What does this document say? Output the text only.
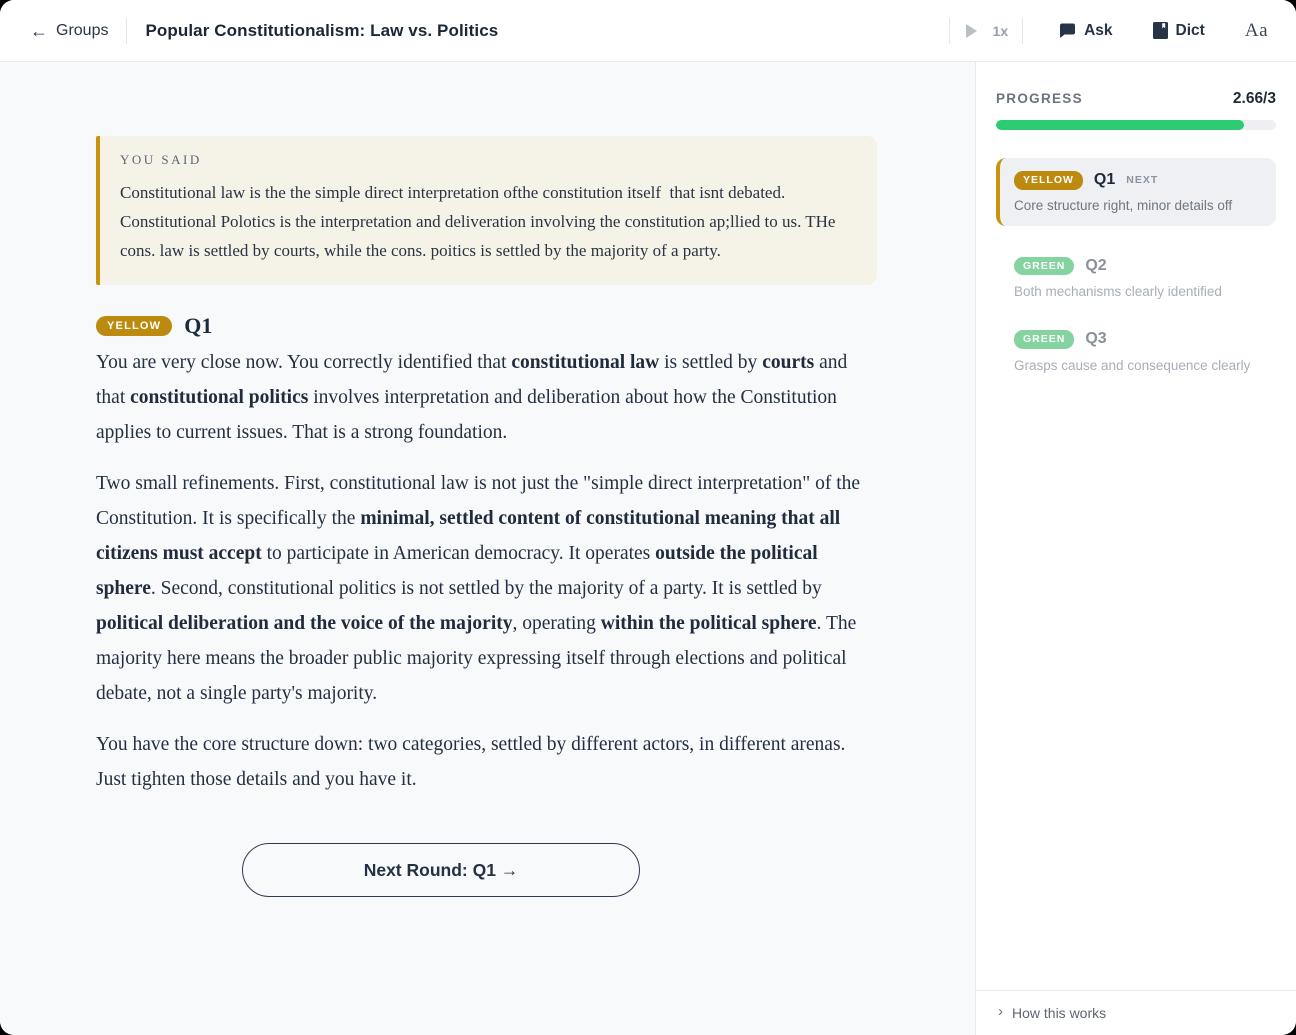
← Groups Popular Constitutionalism: Law vs. Politics	1x	Ask	Dict Aa
YOU SAID

Constitutional law is the the simple direct interpretation ofthe constitution itself  that isnt debated. Constitutional Polotics is the interpretation and deliveration involving the constitution ap;llied to us. THe cons. law is settled by courts, while the cons. poitics is settled by the majority of a party.

YELLOW	Q1

You are very close now. You correctly identified that constitutional law is settled by courts and that constitutional politics involves interpretation and deliberation about how the Constitution applies to current issues. That is a strong foundation.

Two small refinements. First, constitutional law is not just the "simple direct interpretation" of the Constitution. It is specifically the minimal, settled content of constitutional meaning that all citizens must accept to participate in American democracy. It operates outside the political sphere. Second, constitutional politics is not settled by the majority of a party. It is settled by political deliberation and the voice of the majority, operating within the political sphere. The majority here means the broader public majority expressing itself through elections and political debate, not a single party's majority.

You have the core structure down: two categories, settled by different actors, in different arenas. Just tighten those details and you have it.

Next Round: Q1 →
PROGRESS	2.66/3
YELLOW	Q1 NEXT
Core structure right, minor details off
GREEN	Q2
Both mechanisms clearly identified
GREEN	Q3
Grasps cause and consequence clearly
› How this works
